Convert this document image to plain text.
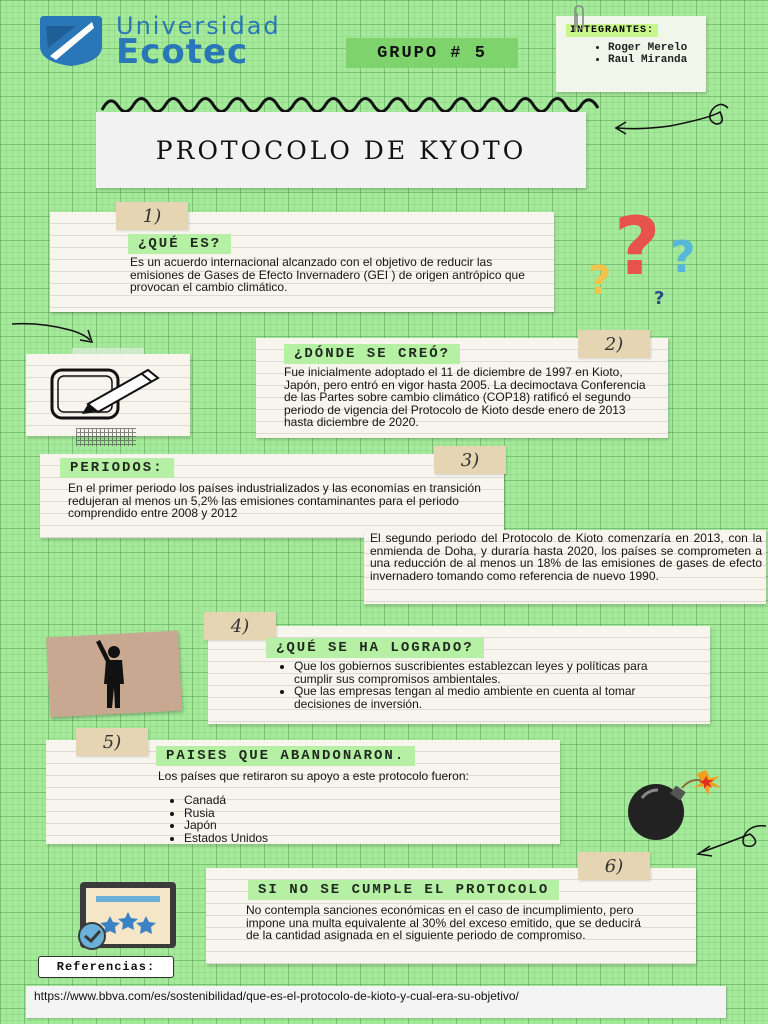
Universidad
Ecotec	GRUPO # 5
INTEGRANTES:
• Roger Merelo
• Raul Miranda
PROTOCOLO DE KYOTO
1)
¿QUÉ ES?
Es un acuerdo internacional alcanzado con el objetivo de reducir las emisiones de Gases de Efecto Invernadero (GEI ) de origen antrópico que provocan el cambio climático.	? ?
? ?
2)
¿DÓNDE SE CREÓ?
Fue inicialmente adoptado el 11 de diciembre de 1997 en Kioto, Japón, pero entró en vigor hasta 2005. La decimoctava Conferencia de las Partes sobre cambio climático (COP18) ratificó el segundo periodo de vigencia del Protocolo de Kioto desde enero de 2013 hasta diciembre de 2020.
3)
PERIODOS:
En el primer periodo los países industrializados y las economías en transición redujeran al menos un 5,2% las emisiones contaminantes para el periodo comprendido entre 2008 y 2012
El segundo periodo del Protocolo de Kioto comenzaría en 2013, con la enmienda de Doha, y duraría hasta 2020, los países se comprometen a una reducción de al menos un 18% de las emisiones de gases de efecto invernadero tomando como referencia de nuevo 1990.
4)
¿QUÉ SE HA LOGRADO?
• Que los gobiernos suscribientes establezcan leyes y políticas para cumplir sus compromisos ambientales.
• Que las empresas tengan al medio ambiente en cuenta al tomar decisiones de inversión.
5)
PAISES QUE ABANDONARON.
Los países que retiraron su apoyo a este protocolo fueron:
• Canadá
• Rusia
• Japón
• Estados Unidos
6)
SI NO SE CUMPLE EL PROTOCOLO
No contempla sanciones económicas en el caso de incumplimiento, pero impone una multa equivalente al 30% del exceso emitido, que se deducirá de la cantidad asignada en el siguiente periodo de compromiso.
Referencias:
https://www.bbva.com/es/sostenibilidad/que-es-el-protocolo-de-kioto-y-cual-era-su-objetivo/
